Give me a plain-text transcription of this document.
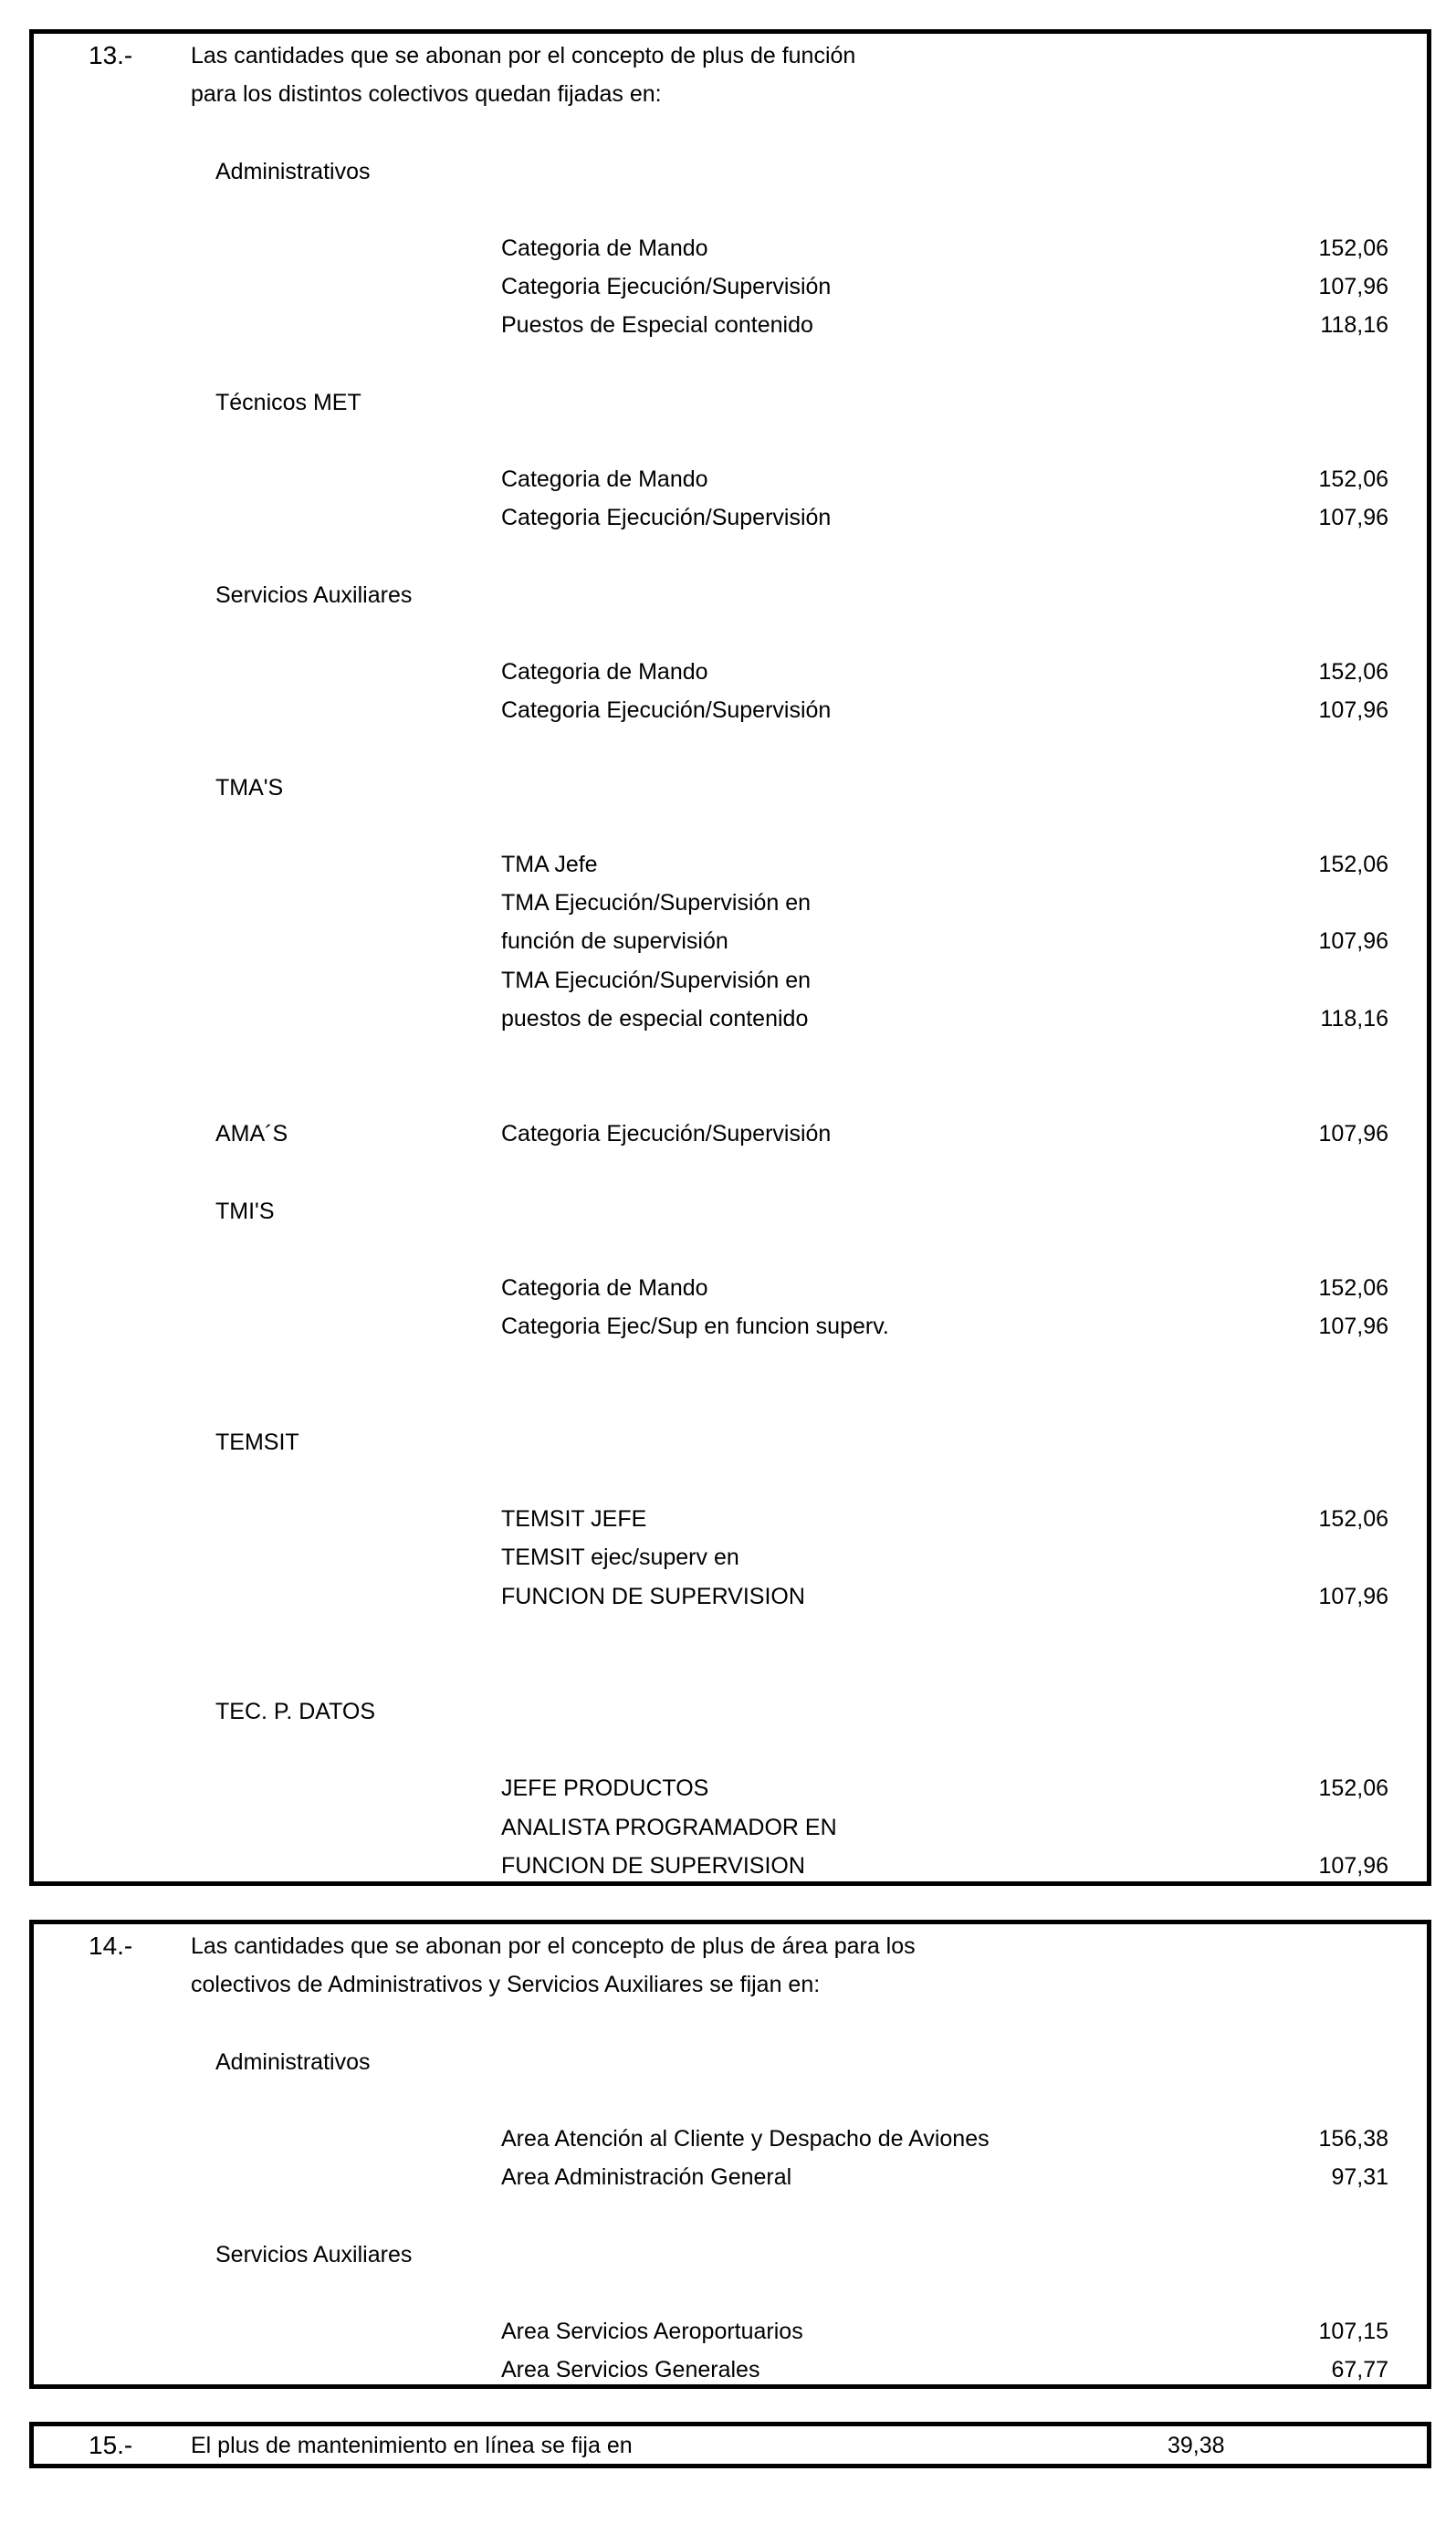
13.-	Las cantidades que se abonan por el concepto de plus de función
para los distintos colectivos quedan fijadas en:
Administrativos
Categoria de Mando	152,06
Categoria Ejecución/Supervisión	107,96
Puestos de Especial contenido	118,16
Técnicos MET
Categoria de Mando	152,06
Categoria Ejecución/Supervisión	107,96
Servicios Auxiliares
Categoria de Mando	152,06
Categoria Ejecución/Supervisión	107,96
TMA'S
TMA Jefe	152,06
TMA Ejecución/Supervisión en
función de supervisión	107,96
TMA Ejecución/Supervisión en
puestos de especial contenido	118,16
AMA´S	Categoria Ejecución/Supervisión	107,96
TMI'S
Categoria de Mando	152,06
Categoria Ejec/Sup en funcion superv.	107,96
TEMSIT
TEMSIT JEFE	152,06
TEMSIT ejec/superv en
FUNCION DE SUPERVISION	107,96
TEC. P. DATOS
JEFE PRODUCTOS	152,06
ANALISTA PROGRAMADOR EN
FUNCION DE SUPERVISION	107,96
14.-	Las cantidades que se abonan por el concepto de plus de área para los
colectivos de Administrativos y Servicios Auxiliares se fijan en:
Administrativos
Area Atención al Cliente y Despacho de Aviones	156,38
Area Administración General	97,31
Servicios Auxiliares
Area Servicios Aeroportuarios	107,15
Area Servicios Generales	67,77
15.-	El plus de mantenimiento en línea se fija en	39,38
